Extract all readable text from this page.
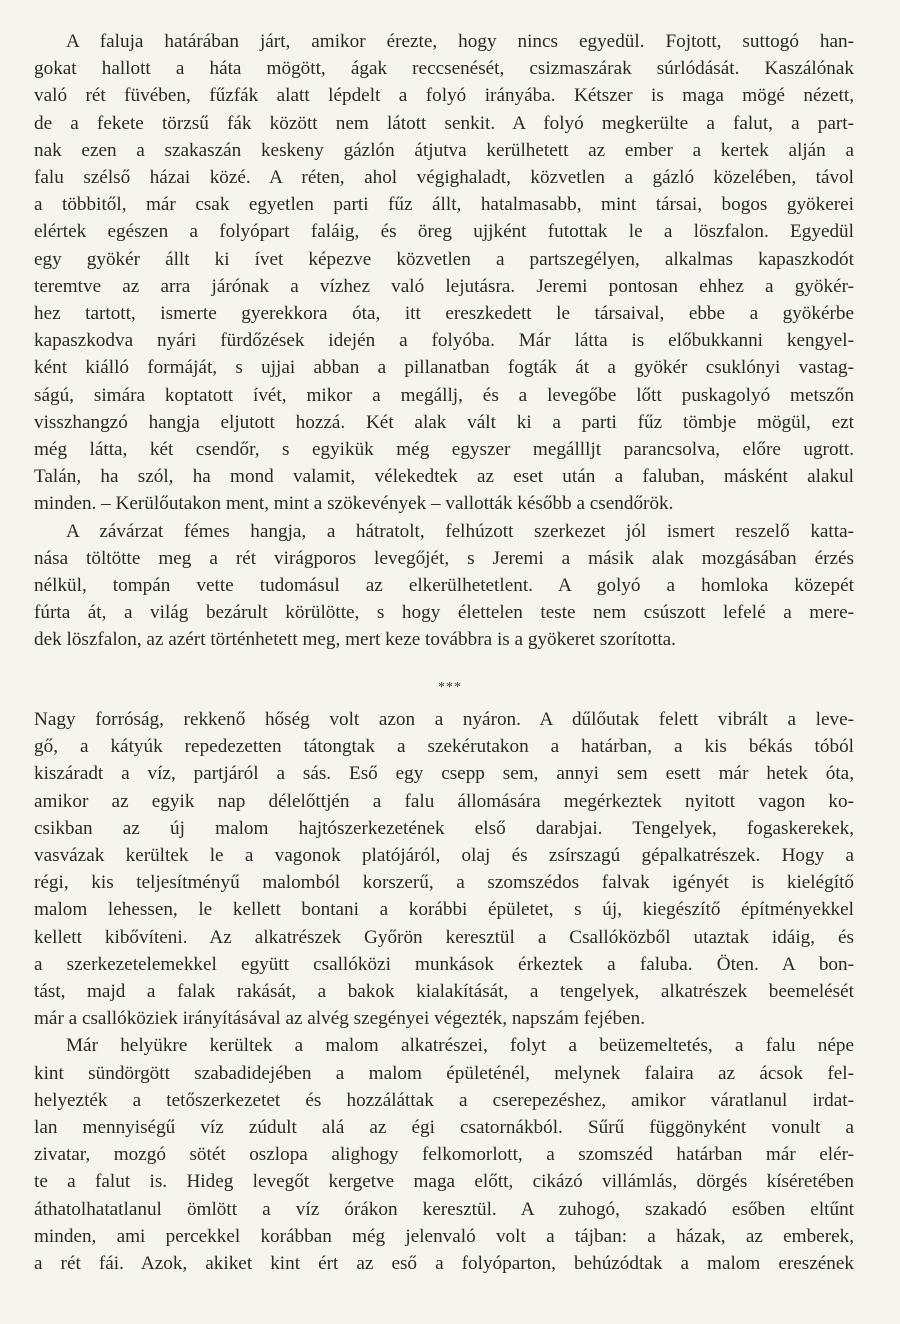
A faluja határában járt, amikor érezte, hogy nincs egyedül. Fojtott, suttogó han-
gokat hallott a háta mögött, ágak reccsenését, csizmaszárak súrlódását. Kaszálónak
való rét füvében, fűzfák alatt lépdelt a folyó irányába. Kétszer is maga mögé nézett,
de a fekete törzsű fák között nem látott senkit. A folyó megkerülte a falut, a part-
nak ezen a szakaszán keskeny gázlón átjutva kerülhetett az ember a kertek alján a
falu szélső házai közé. A réten, ahol végighaladt, közvetlen a gázló közelében, távol
a többitől, már csak egyetlen parti fűz állt, hatalmasabb, mint társai, bogos gyökerei
elértek egészen a folyópart faláig, és öreg ujjként futottak le a löszfalon. Egyedül
egy gyökér állt ki ívet képezve közvetlen a partszegélyen, alkalmas kapaszkodót
teremtve az arra járónak a vízhez való lejutásra. Jeremi pontosan ehhez a gyökér-
hez tartott, ismerte gyerekkora óta, itt ereszkedett le társaival, ebbe a gyökérbe
kapaszkodva nyári fürdőzések idején a folyóba. Már látta is előbukkanni kengyel-
ként kiálló formáját, s ujjai abban a pillanatban fogták át a gyökér csuklónyi vastag-
ságú, simára koptatott ívét, mikor a megállj, és a levegőbe lőtt puskagolyó metszőn
visszhangzó hangja eljutott hozzá. Két alak vált ki a parti fűz tömbje mögül, ezt
még látta, két csendőr, s egyikük még egyszer megállljt parancsolva, előre ugrott.
Talán, ha szól, ha mond valamit, vélekedtek az eset után a faluban, másként alakul
minden. – Kerülőutakon ment, mint a szökevények – vallották később a csendőrök.
A závárzat fémes hangja, a hátratolt, felhúzott szerkezet jól ismert reszelő katta-
nása töltötte meg a rét virágporos levegőjét, s Jeremi a másik alak mozgásában érzés
nélkül, tompán vette tudomásul az elkerülhetetlent. A golyó a homloka közepét
fúrta át, a világ bezárult körülötte, s hogy élettelen teste nem csúszott lefelé a mere-
dek löszfalon, az azért történhetett meg, mert keze továbbra is a gyökeret szorította.
***
Nagy forróság, rekkenő hőség volt azon a nyáron. A dűlőutak felett vibrált a leve-
gő, a kátyúk repedezetten tátongtak a szekérutakon a határban, a kis békás tóból
kiszáradt a víz, partjáról a sás. Eső egy csepp sem, annyi sem esett már hetek óta,
amikor az egyik nap délelőttjén a falu állomására megérkeztek nyitott vagon ko-
csikban az új malom hajtószerkezetének első darabjai. Tengelyek, fogaskerekek,
vasvázak kerültek le a vagonok platójáról, olaj és zsírszagú gépalkatrészek. Hogy a
régi, kis teljesítményű malomból korszerű, a szomszédos falvak igényét is kielégítő
malom lehessen, le kellett bontani a korábbi épületet, s új, kiegészítő építményekkel
kellett kibővíteni. Az alkatrészek Győrön keresztül a Csallóközből utaztak idáig, és
a szerkezetelemekkel együtt csallóközi munkások érkeztek a faluba. Öten. A bon-
tást, majd a falak rakását, a bakok kialakítását, a tengelyek, alkatrészek beemelését
már a csallóköziek irányításával az alvég szegényei végezték, napszám fejében.
Már helyükre kerültek a malom alkatrészei, folyt a beüzemeltetés, a falu népe
kint sündörgött szabadidejében a malom épületénél, melynek falaira az ácsok fel-
helyezték a tetőszerkezetet és hozzáláttak a cserepezéshez, amikor váratlanul irdat-
lan mennyiségű víz zúdult alá az égi csatornákból. Sűrű függönyként vonult a
zivatar, mozgó sötét oszlopa alighogy felkomorlott, a szomszéd határban már elér-
te a falut is. Hideg levegőt kergetve maga előtt, cikázó villámlás, dörgés kíséretében
áthatolhatatlanul ömlött a víz órákon keresztül. A zuhogó, szakadó esőben eltűnt
minden, ami percekkel korábban még jelenvaló volt a tájban: a házak, az emberek,
a rét fái. Azok, akiket kint ért az eső a folyóparton, behúzódtak a malom ereszének
